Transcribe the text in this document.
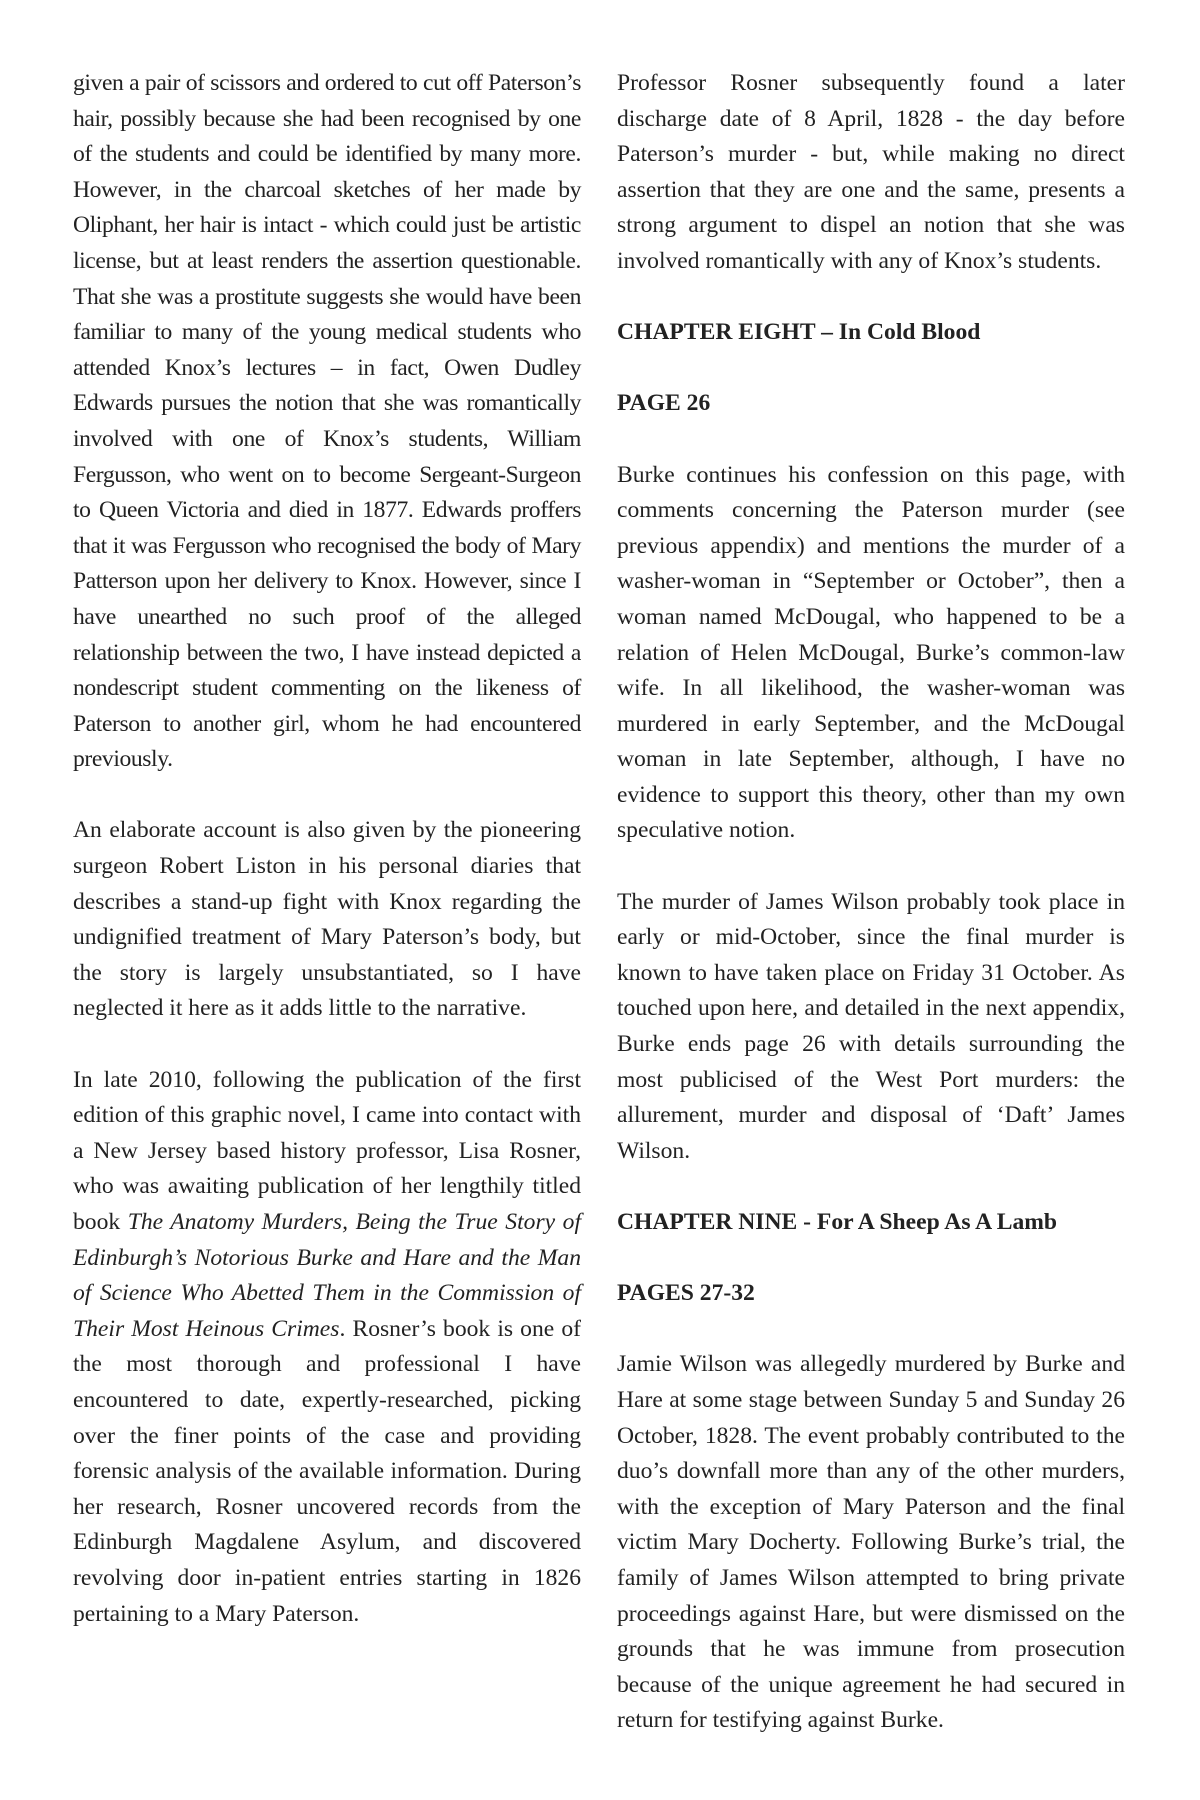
given a pair of scissors and ordered to cut off Paterson’s hair, possibly because she had been recognised by one of the students and could be identified by many more. However, in the charcoal sketches of her made by Oliphant, her hair is intact - which could just be artistic license, but at least renders the assertion questionable. That she was a prostitute suggests she would have been familiar to many of the young medical students who attended Knox’s lectures – in fact, Owen Dudley Edwards pursues the notion that she was romantically involved with one of Knox’s students, William Fergusson, who went on to become Sergeant-Surgeon to Queen Victoria and died in 1877. Edwards proffers that it was Fergusson who recognised the body of Mary Patterson upon her delivery to Knox. However, since I have unearthed no such proof of the alleged relationship between the two, I have instead depicted a nondescript student commenting on the likeness of Paterson to another girl, whom he had encountered previously.

An elaborate account is also given by the pioneering surgeon Robert Liston in his personal diaries that describes a stand-up fight with Knox regarding the undignified treatment of Mary Paterson’s body, but the story is largely unsubstantiated, so I have neglected it here as it adds little to the narrative.

In late 2010, following the publication of the first edition of this graphic novel, I came into contact with a New Jersey based history professor, Lisa Rosner, who was awaiting publication of her lengthily titled book The Anatomy Murders, Being the True Story of Edinburgh’s Notorious Burke and Hare and the Man of Science Who Abetted Them in the Commission of Their Most Heinous Crimes. Rosner’s book is one of the most thorough and professional I have encountered to date, expertly-researched, picking over the finer points of the case and providing forensic analysis of the available information. During her research, Rosner uncovered records from the Edinburgh Magdalene Asylum, and discovered revolving door in-patient entries starting in 1826 pertaining to a Mary Paterson.

Professor Rosner subsequently found a later discharge date of 8 April, 1828 - the day before Paterson’s murder - but, while making no direct assertion that they are one and the same, presents a strong argument to dispel an notion that she was involved romantically with any of Knox’s students.

CHAPTER EIGHT – In Cold Blood

PAGE 26

Burke continues his confession on this page, with comments concerning the Paterson murder (see previous appendix) and mentions the murder of a washer-woman in “September or October”, then a woman named McDougal, who happened to be a relation of Helen McDougal, Burke’s common-law wife. In all likelihood, the washer-woman was murdered in early September, and the McDougal woman in late September, although, I have no evidence to support this theory, other than my own speculative notion.

The murder of James Wilson probably took place in early or mid-October, since the final murder is known to have taken place on Friday 31 October. As touched upon here, and detailed in the next appendix, Burke ends page 26 with details surrounding the most publicised of the West Port murders: the allurement, murder and disposal of ‘Daft’ James Wilson.

CHAPTER NINE - For A Sheep As A Lamb

PAGES 27-32

Jamie Wilson was allegedly murdered by Burke and Hare at some stage between Sunday 5 and Sunday 26 October, 1828. The event probably contributed to the duo’s downfall more than any of the other murders, with the exception of Mary Paterson and the final victim Mary Docherty. Following Burke’s trial, the family of James Wilson attempted to bring private proceedings against Hare, but were dismissed on the grounds that he was immune from prosecution because of the unique agreement he had secured in return for testifying against Burke.
